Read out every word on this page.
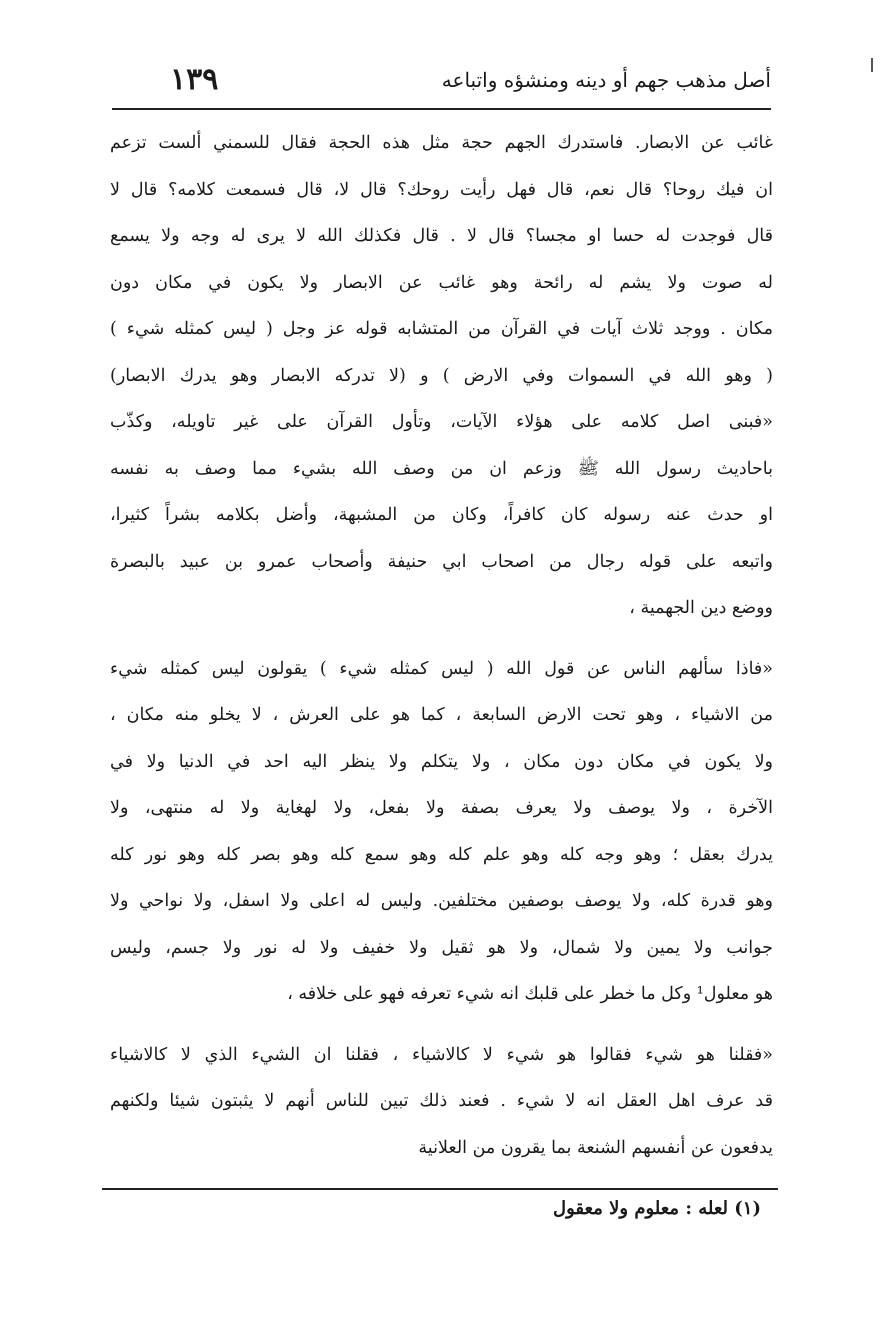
أصل مذهب جهم أو دينه ومنشؤه واتباعه
١٣٩
غائب عن الابصار. فاستدرك الجهم حجة مثل هذه الحجة فقال للسمني ألست تزعم
ان فيك روحا؟ قال نعم، قال فهل رأيت روحك؟ قال لا، قال فسمعت كلامه؟ قال لا
قال فوجدت له حسا او مجسا؟ قال لا . قال فكذلك الله لا يرى له وجه ولا يسمع
له صوت ولا يشم له رائحة وهو غائب عن الابصار ولا يكون في مكان دون
مكان . ووجد ثلاث آيات في القرآن من المتشابه قوله عز وجل ( ليس كمثله شيء )
( وهو الله في السموات وفي الارض ) و (لا تدركه الابصار وهو يدرك الابصار)
«فبنى اصل كلامه على هؤلاء الآيات، وتأول القرآن على غير تاويله، وكذّب
باحاديث رسول الله ﷺ وزعم ان من وصف الله بشيء مما وصف به نفسه
او حدث عنه رسوله كان كافراً، وكان من المشبهة، وأضل بكلامه بشراً كثيرا،
واتبعه على قوله رجال من اصحاب ابي حنيفة وأصحاب عمرو بن عبيد بالبصرة
ووضع دين الجهمية ،
«فاذا سألهم الناس عن قول الله ( ليس كمثله شيء ) يقولون ليس كمثله شيء
من الاشياء ، وهو تحت الارض السابعة ، كما هو على العرش ، لا يخلو منه مكان ،
ولا يكون في مكان دون مكان ، ولا يتكلم ولا ينظر اليه احد في الدنيا ولا في
الآخرة ، ولا يوصف ولا يعرف بصفة ولا بفعل، ولا لهغاية ولا له منتهى، ولا
يدرك بعقل ؛ وهو وجه كله وهو علم كله وهو سمع كله وهو بصر كله وهو نور كله
وهو قدرة كله، ولا يوصف بوصفين مختلفين. وليس له اعلى ولا اسفل، ولا نواحي ولا
جوانب ولا يمين ولا شمال، ولا هو ثقيل ولا خفيف ولا له نور ولا جسم، وليس
هو معلول¹ وكل ما خطر على قلبك انه شيء تعرفه فهو على خلافه ،
«فقلنا هو شيء فقالوا هو شيء لا كالاشياء ، فقلنا ان الشيء الذي لا كالاشياء
قد عرف اهل العقل انه لا شيء . فعند ذلك تبين للناس أنهم لا يثبتون شيئا ولكنهم
يدفعون عن أنفسهم الشنعة بما يقرون من العلانية
(١) لعله : معلوم ولا معقول
